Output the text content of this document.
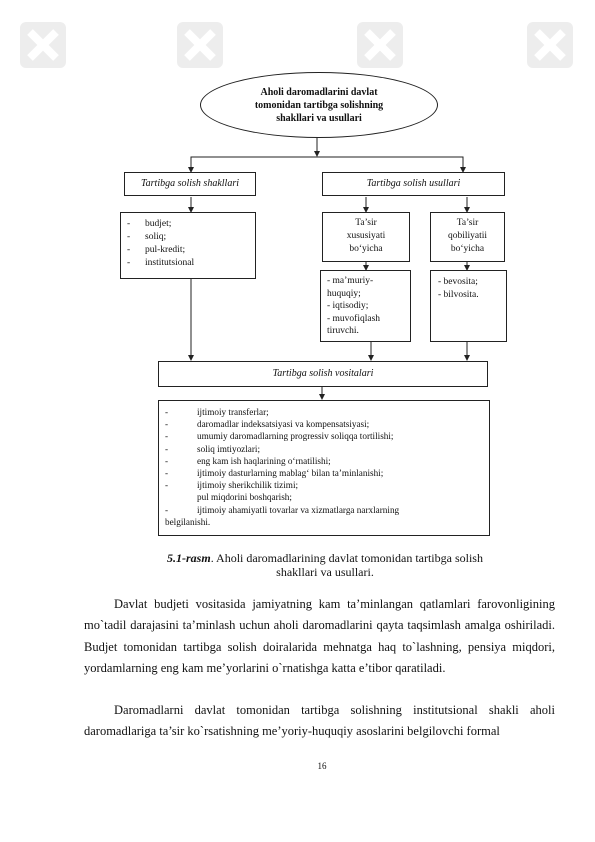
Aholi daromadlarini davlat
tomonidan tartibga solishning
shakllari va usullari
Tartibga solish shakllari	Tartibga solish usullari
-	budjet;
-	soliq;
-	pul-kredit;
-	institutsional
Ta’sir
xususiyati
bo‘yicha
Ta’sir
qobiliyatii
bo‘yicha
- ma’muriy-
huquqiy;
- iqtisodiy;
- muvofiqlash
tiruvchi.
- bevosita;
- bilvosita.
Tartibga solish vositalari
-	ijtimoiy transferlar;
-	daromadlar indeksatsiyasi va kompensatsiyasi;
-	umumiy daromadlarning progressiv soliqqa tortilishi;
-	soliq imtiyozlari;
-	eng kam ish haqlarining o‘rnatilishi;
-	ijtimoiy dasturlarning mablag‘ bilan ta’minlanishi;
-	ijtimoiy sherikchilik tizimi;
pul miqdorini boshqarish;
-	ijtimoiy ahamiyatli tovarlar va xizmatlarga narxlarning
belgilanishi.
5.1-rasm. Aholi daromadlarining davlat tomonidan tartibga solish
shakllari va usullari.
Davlat budjeti vositasida jamiyatning kam ta’minlangan qatlamlari farovonligining mo`tadil darajasini ta’minlash uchun aholi daromadlarini qayta taqsimlash amalga oshiriladi. Budjet tomonidan tartibga solish doiralarida mehnatga haq to`lashning, pensiya miqdori, yordamlarning eng kam me’yorlarini o`rnatishga katta e’tibor qaratiladi.
Daromadlarni davlat tomonidan tartibga solishning institutsional shakli aholi daromadlariga ta’sir ko`rsatishning me’yoriy-huquqiy asoslarini belgilovchi formal
16
